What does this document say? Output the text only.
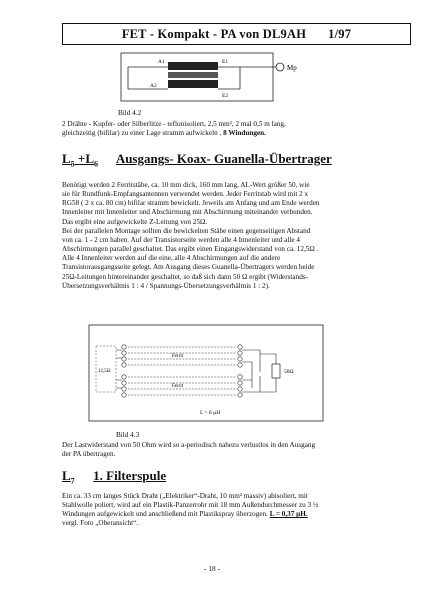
FET - Kompakt - PA von DL9AH 1/97
A1	E1
A2
E2
Mp
Bild 4.2

2 Drähte - Kupfer- oder Silberlitze - teflonisoliert, 2,5 mm², 2 mal 0,5 m lang,

gleichzeitig (bifilar) zu einer Lage stramm aufwickeln , 8 Windungen.

$L_5 +L_6$ Ausgangs- Koax- Guanella-Übertrager

Benötigt werden 2 Ferritstäbe, ca. 10 mm dick, 160 mm lang, AL-Wert größer 50, wie

sie für Rundfunk-Empfangsantennen verwendet werden. Jeder Ferritstab wird mit 2 x

RG58 ( 2 x ca. 80 cm) bifilar stramm bewickelt. Jeweils am Anfang und am Ende werden

Innenleiter mit Innenleiter und Abschirmung mit Abschirmung miteinander verbunden.

Das ergibt eine aufgewickelte Z-Leitung von 25Ω.

Bei der parallelen Montage sollten die bewickelten Stäbe einen gegenseitigen Abstand

von ca. 1 - 2 cm haben. Auf der Transistorseite werden alle 4 Innenleiter und alle 4

Abschirmungen parallel geschaltet. Das ergibt einen Eingangswiderstand von ca. 12,5Ω .

Alle 4 Innenleiter werden auf die eine, alle 4 Abschirmungen auf die andere

Transistorausgangsseite gelegt. Am Ausgang dieses Guanella-Übertragers werden beide

25Ω-Leitungen hintereinander geschaltet, so daß sich dann 50 Ω ergibt (Widerstands-

Übersetzungsverhältnis 1 : 4 / Spannungs-Übersetzungsverhältnis 1 : 2).

12,5Ω
Ferrit
Ferrit
50Ω
L > 6 µH
Bild 4.3

Der Lastwiderstand von 50 Ohm wird so a-periodisch nahezu verlustlos in den Ausgang

der PA übertragen.

$L_7$ 1. Filterspule

Ein ca. 33 cm langes Stück Draht („Elektriker“-Draht, 10 mm² massiv) abisoliert, mit

Stahlwolle poliert, wird auf ein Plastik-Panzerrohr mit 18 mm Außendurchmesser zu 3 ½

Windungen aufgewickelt und anschließend mit Plastikspray überzogen. L = 0,37 µH.

vergl. Foto „Oberansicht“.

- 18 -
